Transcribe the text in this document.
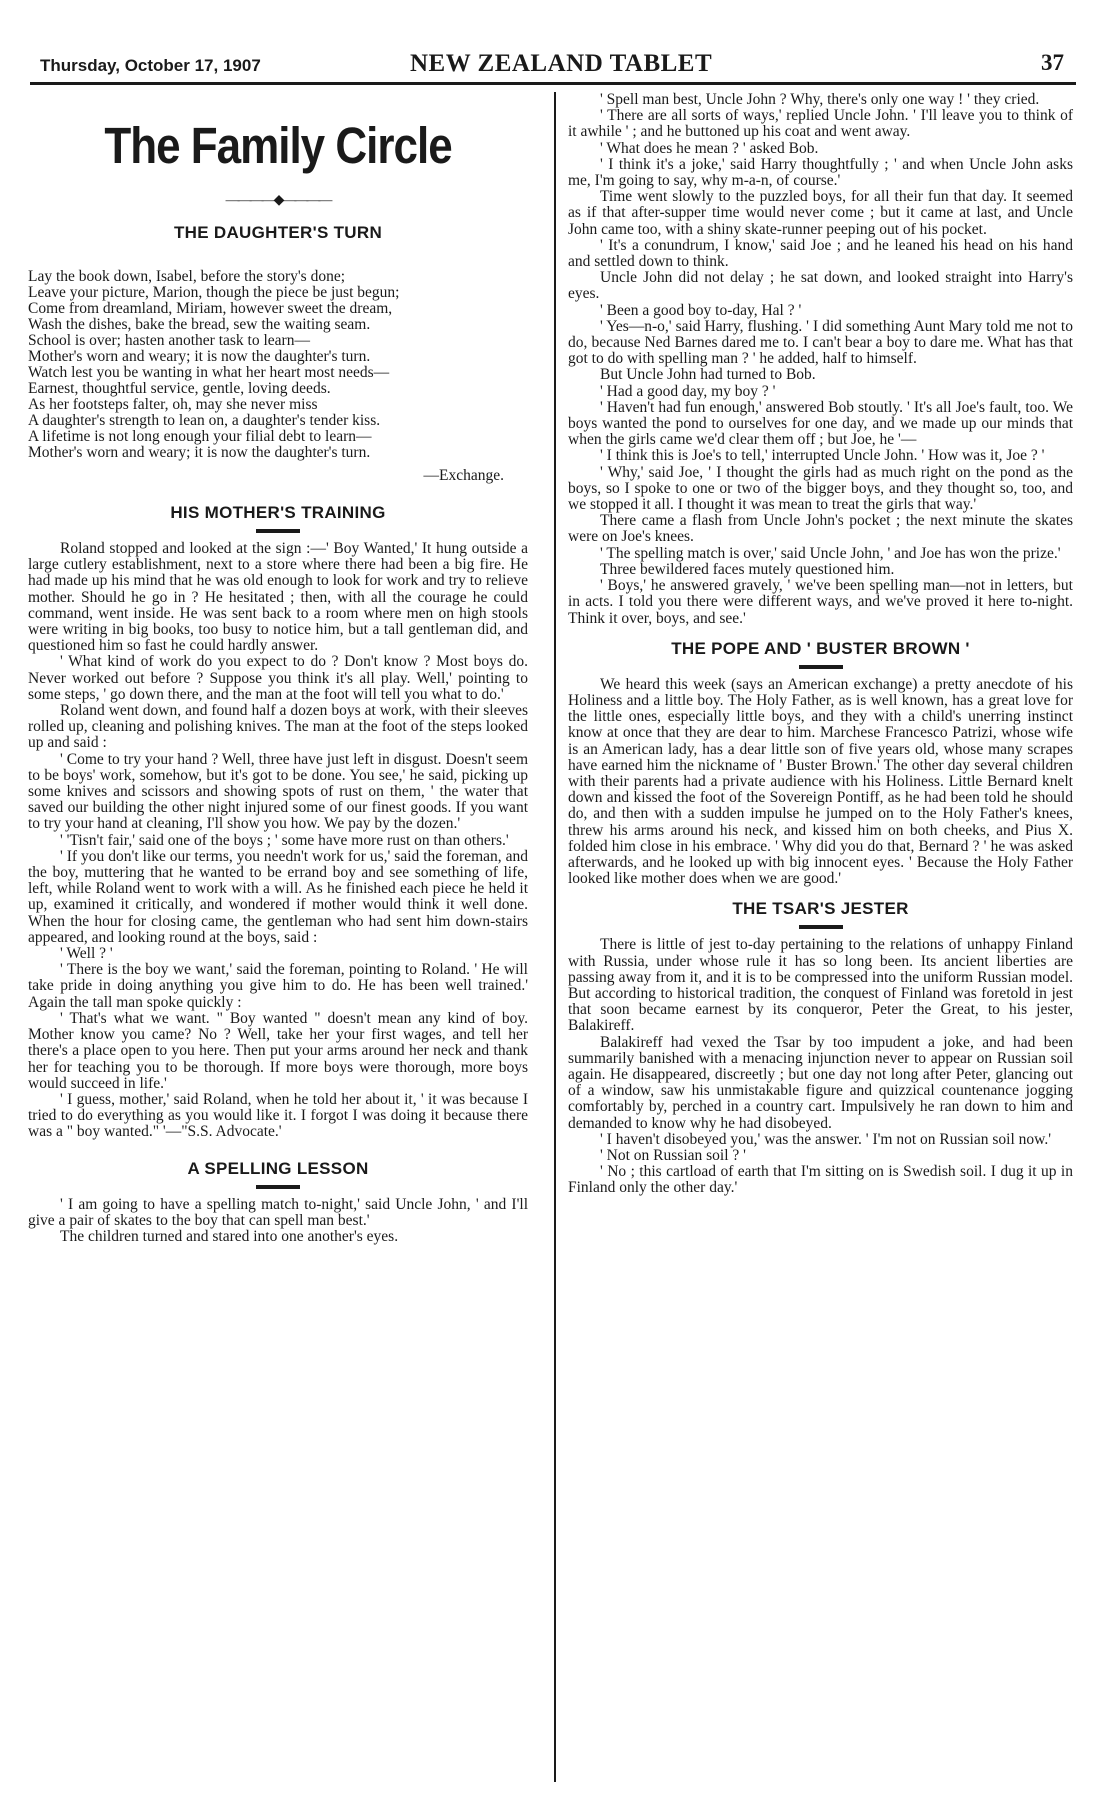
Thursday, October 17, 1907	NEW ZEALAND TABLET	37
The Family Circle
————◆————
THE DAUGHTER'S TURN
Lay the book down, Isabel, before the story's done;
Leave your picture, Marion, though the piece be just begun;
Come from dreamland, Miriam, however sweet the dream,
Wash the dishes, bake the bread, sew the waiting seam.
School is over; hasten another task to learn—
Mother's worn and weary; it is now the daughter's turn.
Watch lest you be wanting in what her heart most needs—
Earnest, thoughtful service, gentle, loving deeds.
As her footsteps falter, oh, may she never miss
A daughter's strength to lean on, a daughter's tender kiss.
A lifetime is not long enough your filial debt to learn—
Mother's worn and weary; it is now the daughter's turn.
—Exchange.
HIS MOTHER'S TRAINING

Roland stopped and looked at the sign :—' Boy Wanted,' It hung outside a large cutlery establishment, next to a store where there had been a big fire. He had made up his mind that he was old enough to look for work and try to relieve mother. Should he go in ? He hesitated ; then, with all the courage he could command, went inside. He was sent back to a room where men on high stools were writing in big books, too busy to notice him, but a tall gentleman did, and questioned him so fast he could hardly answer.

' What kind of work do you expect to do ? Don't know ? Most boys do. Never worked out before ? Suppose you think it's all play. Well,' pointing to some steps, ' go down there, and the man at the foot will tell you what to do.'

Roland went down, and found half a dozen boys at work, with their sleeves rolled up, cleaning and polishing knives. The man at the foot of the steps looked up and said :

' Come to try your hand ? Well, three have just left in disgust. Doesn't seem to be boys' work, somehow, but it's got to be done. You see,' he said, picking up some knives and scissors and showing spots of rust on them, ' the water that saved our building the other night injured some of our finest goods. If you want to try your hand at cleaning, I'll show you how. We pay by the dozen.'

' 'Tisn't fair,' said one of the boys ; ' some have more rust on than others.'

' If you don't like our terms, you needn't work for us,' said the foreman, and the boy, muttering that he wanted to be errand boy and see something of life, left, while Roland went to work with a will. As he finished each piece he held it up, examined it critically, and wondered if mother would think it well done. When the hour for closing came, the gentleman who had sent him down-stairs appeared, and looking round at the boys, said :

' Well ? '

' There is the boy we want,' said the foreman, pointing to Roland. ' He will take pride in doing anything you give him to do. He has been well trained.' Again the tall man spoke quickly :

' That's what we want. " Boy wanted " doesn't mean any kind of boy. Mother know you came? No ? Well, take her your first wages, and tell her there's a place open to you here. Then put your arms around her neck and thank her for teaching you to be thorough. If more boys were thorough, more boys would succeed in life.'

' I guess, mother,' said Roland, when he told her about it, ' it was because I tried to do everything as you would like it. I forgot I was doing it because there was a " boy wanted." '—"S.S. Advocate.'

A SPELLING LESSON

' I am going to have a spelling match to-night,' said Uncle John, ' and I'll give a pair of skates to the boy that can spell man best.'

The children turned and stared into one another's eyes.

' Spell man best, Uncle John ? Why, there's only one way ! ' they cried.

' There are all sorts of ways,' replied Uncle John. ' I'll leave you to think of it awhile ' ; and he buttoned up his coat and went away.

' What does he mean ? ' asked Bob.

' I think it's a joke,' said Harry thoughtfully ; ' and when Uncle John asks me, I'm going to say, why m-a-n, of course.'

Time went slowly to the puzzled boys, for all their fun that day. It seemed as if that after-supper time would never come ; but it came at last, and Uncle John came too, with a shiny skate-runner peeping out of his pocket.

' It's a conundrum, I know,' said Joe ; and he leaned his head on his hand and settled down to think.

Uncle John did not delay ; he sat down, and looked straight into Harry's eyes.

' Been a good boy to-day, Hal ? '

' Yes—n-o,' said Harry, flushing. ' I did something Aunt Mary told me not to do, because Ned Barnes dared me to. I can't bear a boy to dare me. What has that got to do with spelling man ? ' he added, half to himself.

But Uncle John had turned to Bob.

' Had a good day, my boy ? '

' Haven't had fun enough,' answered Bob stoutly. ' It's all Joe's fault, too. We boys wanted the pond to ourselves for one day, and we made up our minds that when the girls came we'd clear them off ; but Joe, he '—

' I think this is Joe's to tell,' interrupted Uncle John. ' How was it, Joe ? '

' Why,' said Joe, ' I thought the girls had as much right on the pond as the boys, so I spoke to one or two of the bigger boys, and they thought so, too, and we stopped it all. I thought it was mean to treat the girls that way.'

There came a flash from Uncle John's pocket ; the next minute the skates were on Joe's knees.

' The spelling match is over,' said Uncle John, ' and Joe has won the prize.'

Three bewildered faces mutely questioned him.

' Boys,' he answered gravely, ' we've been spelling man—not in letters, but in acts. I told you there were different ways, and we've proved it here to-night. Think it over, boys, and see.'

THE POPE AND ' BUSTER BROWN '

We heard this week (says an American exchange) a pretty anecdote of his Holiness and a little boy. The Holy Father, as is well known, has a great love for the little ones, especially little boys, and they with a child's unerring instinct know at once that they are dear to him. Marchese Francesco Patrizi, whose wife is an American lady, has a dear little son of five years old, whose many scrapes have earned him the nickname of ' Buster Brown.' The other day several children with their parents had a private audience with his Holiness. Little Bernard knelt down and kissed the foot of the Sovereign Pontiff, as he had been told he should do, and then with a sudden impulse he jumped on to the Holy Father's knees, threw his arms around his neck, and kissed him on both cheeks, and Pius X. folded him close in his embrace. ' Why did you do that, Bernard ? ' he was asked afterwards, and he looked up with big innocent eyes. ' Because the Holy Father looked like mother does when we are good.'

THE TSAR'S JESTER

There is little of jest to-day pertaining to the relations of unhappy Finland with Russia, under whose rule it has so long been. Its ancient liberties are passing away from it, and it is to be compressed into the uniform Russian model. But according to historical tradition, the conquest of Finland was foretold in jest that soon became earnest by its conqueror, Peter the Great, to his jester, Balakireff.

Balakireff had vexed the Tsar by too impudent a joke, and had been summarily banished with a menacing injunction never to appear on Russian soil again. He disappeared, discreetly ; but one day not long after Peter, glancing out of a window, saw his unmistakable figure and quizzical countenance jogging comfortably by, perched in a country cart. Impulsively he ran down to him and demanded to know why he had disobeyed.

' I haven't disobeyed you,' was the answer. ' I'm not on Russian soil now.'

' Not on Russian soil ? '

' No ; this cartload of earth that I'm sitting on is Swedish soil. I dug it up in Finland only the other day.'
